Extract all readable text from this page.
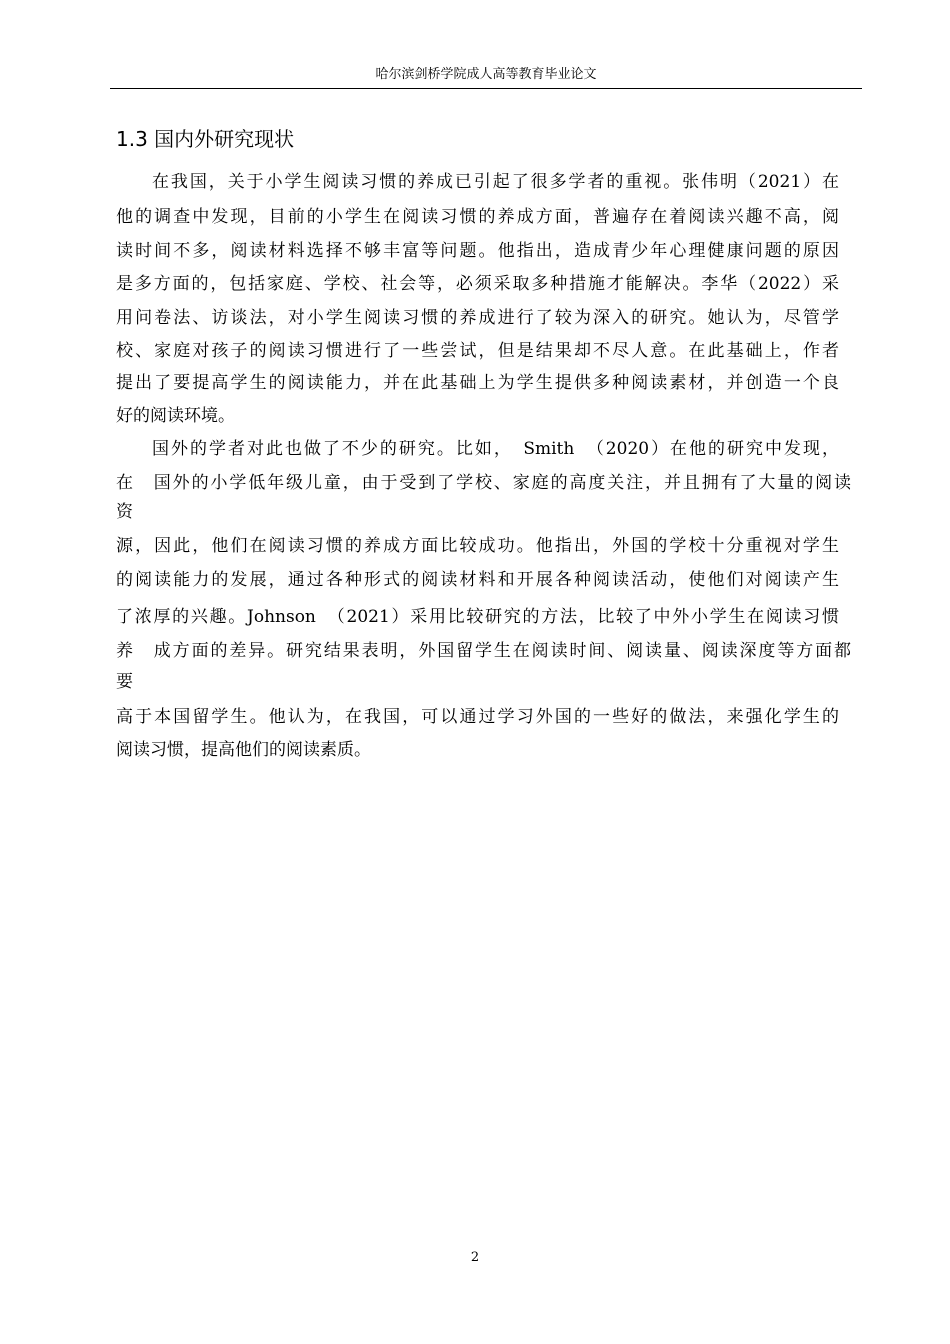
哈尔滨剑桥学院成人高等教育毕业论文
1.3 国内外研究现状
在我国，关于小学生阅读习惯的养成已引起了很多学者的重视。张伟明（2021）在
他的调查中发现，目前的小学生在阅读习惯的养成方面，普遍存在着阅读兴趣不高，阅
读时间不多，阅读材料选择不够丰富等问题。他指出，造成青少年心理健康问题的原因
是多方面的，包括家庭、学校、社会等，必须采取多种措施才能解决。李华（2022）采
用问卷法、访谈法，对小学生阅读习惯的养成进行了较为深入的研究。她认为，尽管学
校、家庭对孩子的阅读习惯进行了一些尝试，但是结果却不尽人意。在此基础上，作者
提出了要提高学生的阅读能力，并在此基础上为学生提供多种阅读素材，并创造一个良
好的阅读环境。
国外的学者对此也做了不少的研究。比如，　Smith　（2020）在他的研究中发现，
在　国外的小学低年级儿童，由于受到了学校、家庭的高度关注，并且拥有了大量的阅读
资
源，因此，他们在阅读习惯的养成方面比较成功。他指出，外国的学校十分重视对学生
的阅读能力的发展，通过各种形式的阅读材料和开展各种阅读活动，使他们对阅读产生
了浓厚的兴趣。Johnson　（2021）采用比较研究的方法，比较了中外小学生在阅读习惯
养　成方面的差异。研究结果表明，外国留学生在阅读时间、阅读量、阅读深度等方面都
要
高于本国留学生。他认为，在我国，可以通过学习外国的一些好的做法，来强化学生的
阅读习惯，提高他们的阅读素质。
2
